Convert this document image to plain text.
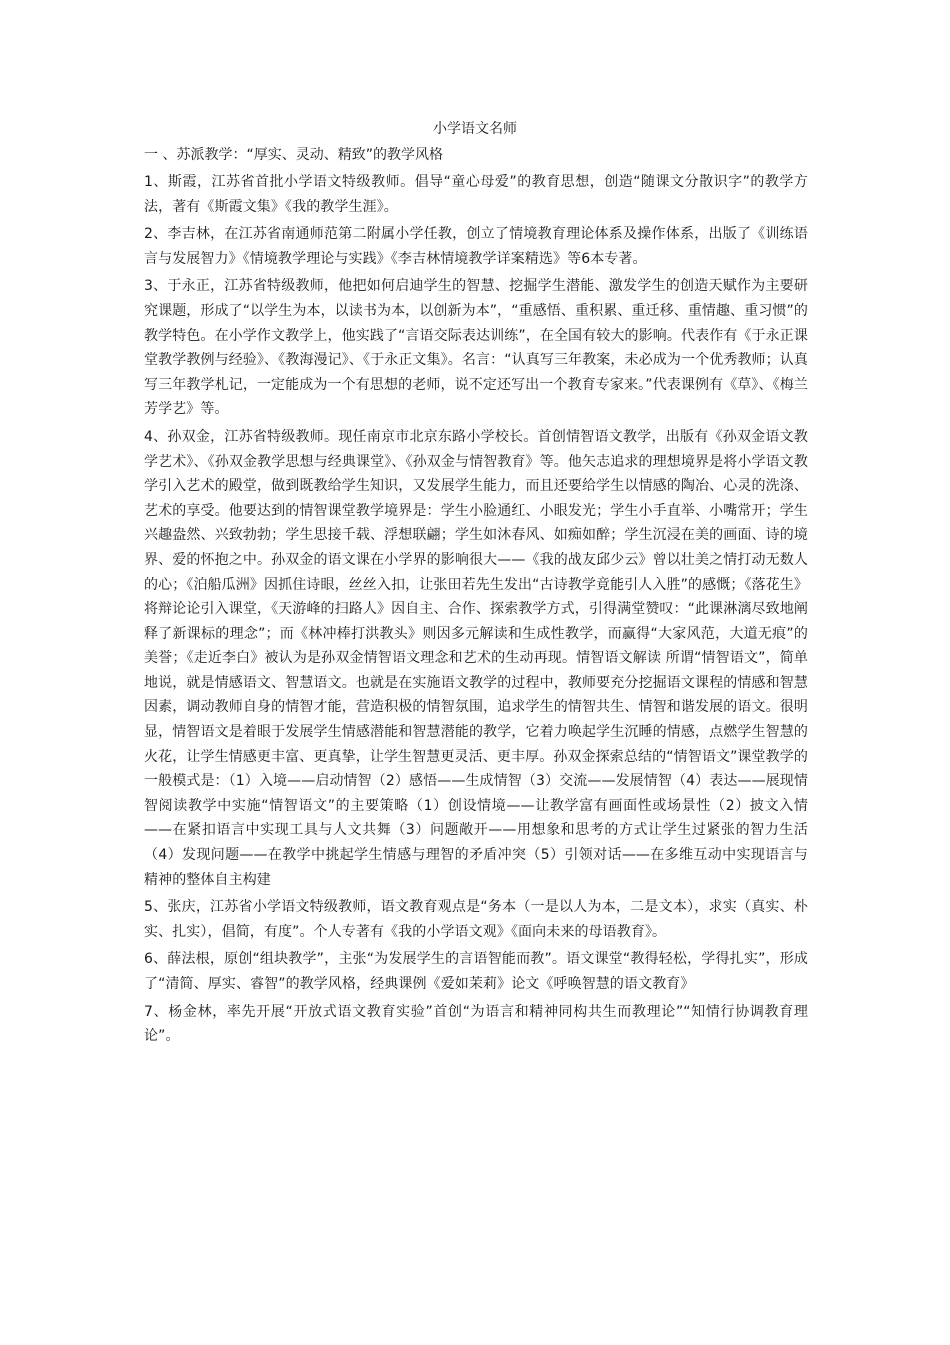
小学语文名师
一 、苏派教学：“厚实、灵动、精致”的教学风格

1、斯霞，江苏省首批小学语文特级教师。倡导“童心母爱”的教育思想，创造“随课文分散识字”的教学方法，著有《斯霞文集》《我的教学生涯》。

2、李吉林，在江苏省南通师范第二附属小学任教，创立了情境教育理论体系及操作体系，出版了《训练语言与发展智力》《情境教学理论与实践》《李吉林情境教学详案精选》等6本专著。

3、于永正，江苏省特级教师，他把如何启迪学生的智慧、挖掘学生潜能、激发学生的创造天赋作为主要研究课题，形成了“以学生为本，以读书为本，以创新为本”，“重感悟、重积累、重迁移、重情趣、重习惯”的教学特色。在小学作文教学上，他实践了“言语交际表达训练”，在全国有较大的影响。代表作有《于永正课堂教学教例与经验》、《教海漫记》、《于永正文集》。名言：“认真写三年教案，未必成为一个优秀教师；认真写三年教学札记，一定能成为一个有思想的老师，说不定还写出一个教育专家来。”代表课例有《草》、《梅兰芳学艺》等。

4、孙双金，江苏省特级教师。现任南京市北京东路小学校长。首创情智语文教学，出版有《孙双金语文教学艺术》、《孙双金教学思想与经典课堂》、《孙双金与情智教育》等。他矢志追求的理想境界是将小学语文教学引入艺术的殿堂，做到既教给学生知识，又发展学生能力，而且还要给学生以情感的陶冶、心灵的洗涤、艺术的享受。他要达到的情智课堂教学境界是：学生小脸通红、小眼发光；学生小手直举、小嘴常开；学生兴趣盎然、兴致勃勃；学生思接千载、浮想联翩；学生如沐春风、如痴如醉；学生沉浸在美的画面、诗的境界、爱的怀抱之中。孙双金的语文课在小学界的影响很大——《我的战友邱少云》曾以壮美之情打动无数人的心；《泊船瓜洲》因抓住诗眼，丝丝入扣，让张田若先生发出“古诗教学竟能引人入胜”的感慨；《落花生》将辩论论引入课堂，《天游峰的扫路人》因自主、合作、探索教学方式，引得满堂赞叹：“此课淋漓尽致地阐释了新课标的理念”；而《林冲棒打洪教头》则因多元解读和生成性教学，而赢得“大家风范，大道无痕”的美誉；《走近李白》被认为是孙双金情智语文理念和艺术的生动再现。情智语文解读 所谓“情智语文”，简单地说，就是情感语文、智慧语文。也就是在实施语文教学的过程中，教师要充分挖掘语文课程的情感和智慧因素，调动教师自身的情智才能，营造积极的情智氛围，追求学生的情智共生、情智和谐发展的语文。很明显，情智语文是着眼于发展学生情感潜能和智慧潜能的教学，它着力唤起学生沉睡的情感，点燃学生智慧的火花，让学生情感更丰富、更真挚，让学生智慧更灵活、更丰厚。孙双金探索总结的“情智语文”课堂教学的一般模式是：（1）入境——启动情智（2）感悟——生成情智（3）交流——发展情智（4）表达——展现情智阅读教学中实施“情智语文”的主要策略（1）创设情境——让教学富有画面性或场景性（2）披文入情——在紧扣语言中实现工具与人文共舞（3）问题敞开——用想象和思考的方式让学生过紧张的智力生活（4）发现问题——在教学中挑起学生情感与理智的矛盾冲突（5）引领对话——在多维互动中实现语言与精神的整体自主构建

5、张庆，江苏省小学语文特级教师，语文教育观点是“务本（一是以人为本，二是文本），求实（真实、朴实、扎实），倡简，有度”。个人专著有《我的小学语文观》《面向未来的母语教育》。

6、薛法根，原创“组块教学”，主张“为发展学生的言语智能而教”。语文课堂“教得轻松，学得扎实”，形成了“清简、厚实、睿智”的教学风格，经典课例《爱如茉莉》论文《呼唤智慧的语文教育》

7、杨金林，率先开展“开放式语文教育实验”首创“为语言和精神同构共生而教理论”“知情行协调教育理论”。
